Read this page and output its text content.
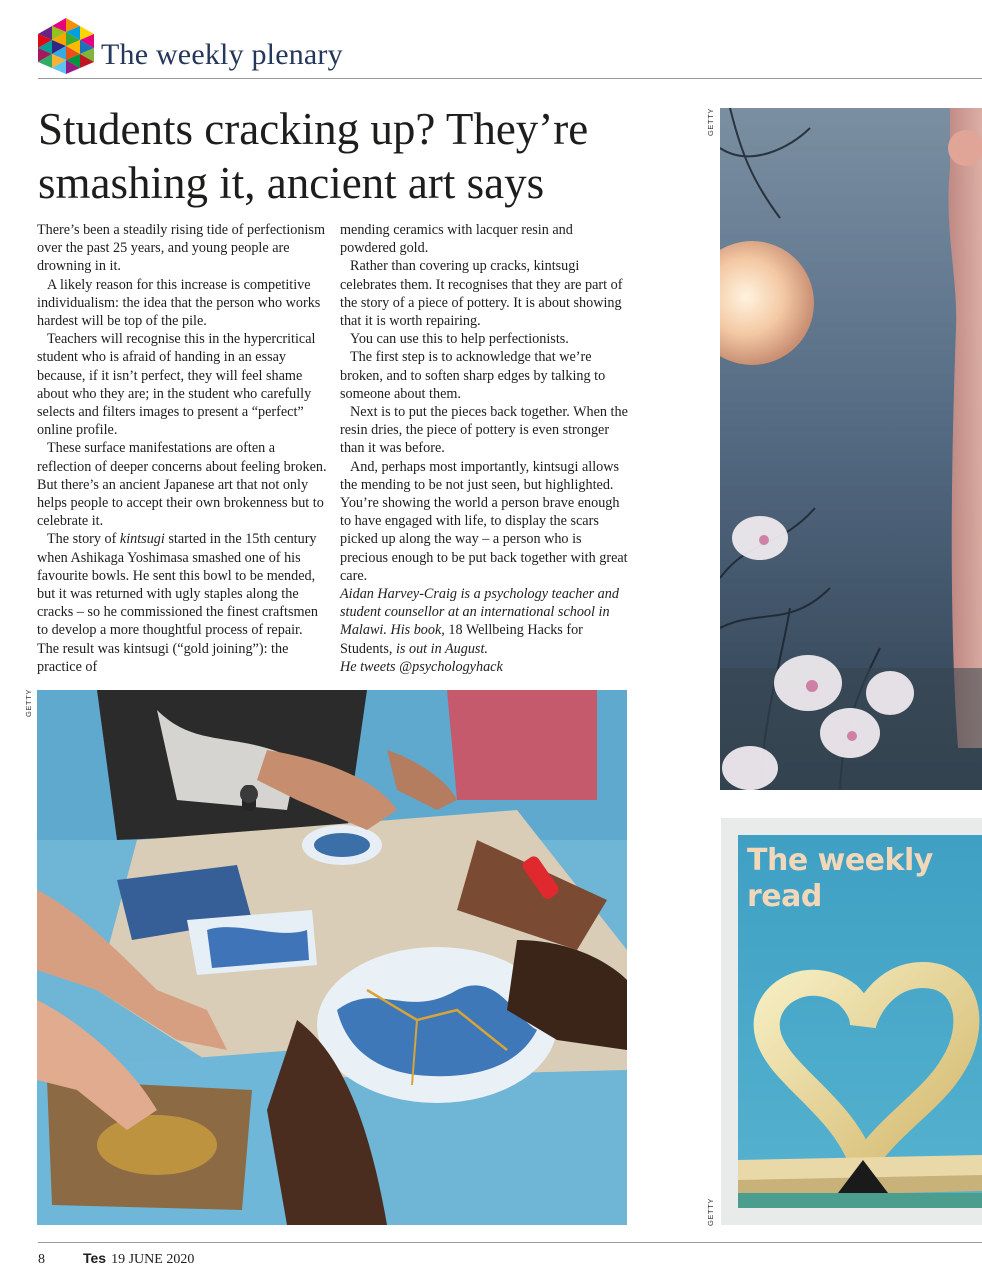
The weekly plenary
Students cracking up? They’re
smashing it, ancient art says

There’s been a steadily rising tide of perfectionism over the past 25 years, and young people are drowning in it.

A likely reason for this increase is competitive individualism: the idea that the person who works hardest will be top of the pile.

Teachers will recognise this in the hypercritical student who is afraid of handing in an essay because, if it isn’t perfect, they will feel shame about who they are; in the student who carefully selects and filters images to present a “perfect” online profile.

These surface manifestations are often a reflection of deeper concerns about feeling broken. But there’s an ancient Japanese art that not only helps people to accept their own brokenness but to celebrate it.

The story of kintsugi started in the 15th century when Ashikaga Yoshimasa smashed one of his favourite bowls. He sent this bowl to be mended, but it was returned with ugly staples along the cracks – so he commissioned the finest craftsmen to develop a more thoughtful process of repair. The result was kintsugi (“gold joining”): the practice of

mending ceramics with lacquer resin and powdered gold.

Rather than covering up cracks, kintsugi celebrates them. It recognises that they are part of the story of a piece of pottery. It is about showing that it is worth repairing.

You can use this to help perfectionists.

The first step is to acknowledge that we’re broken, and to soften sharp edges by talking to someone about them.

Next is to put the pieces back together. When the resin dries, the piece of pottery is even stronger than it was before.

And, perhaps most importantly, kintsugi allows the mending to be not just seen, but highlighted. You’re showing the world a person brave enough to have engaged with life, to display the scars picked up along the way – a person who is precious enough to be put back together with great care.

Aidan Harvey-Craig is a psychology teacher and student counsellor at an international school in Malawi. His book, 18 Wellbeing Hacks for Students, is out in August.
He tweets @psychologyhack

GETTY
GETTY
GETTY
The weekly
read
8	Tes 19 JUNE 2020
